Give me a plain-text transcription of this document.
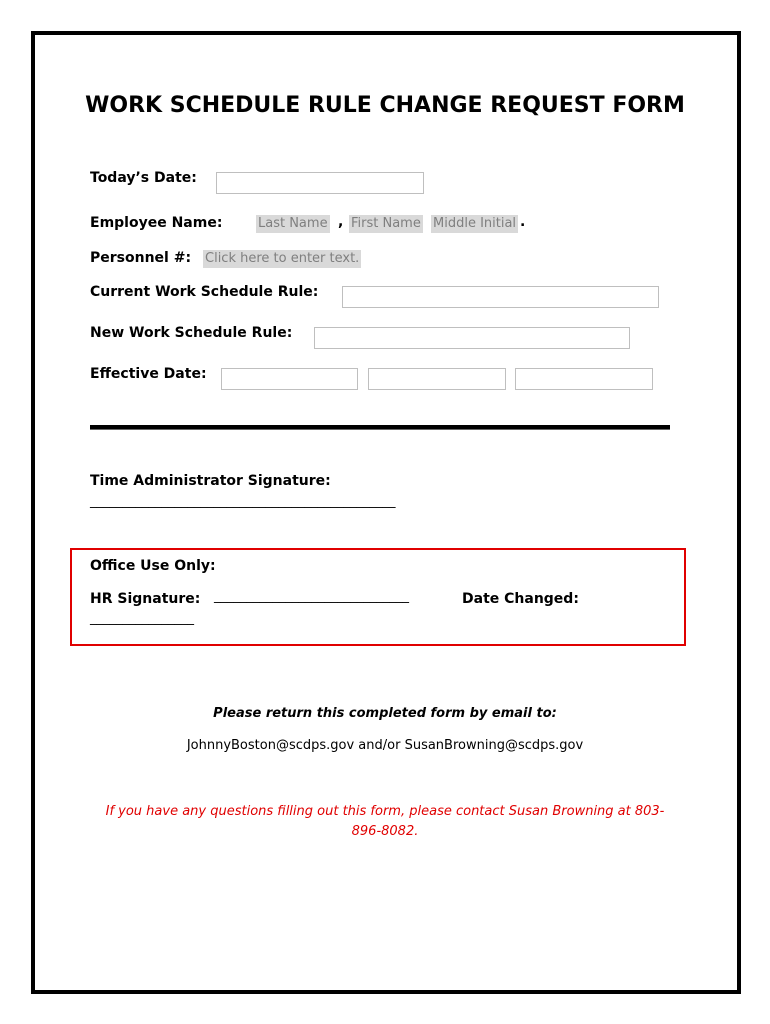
WORK SCHEDULE RULE CHANGE REQUEST FORM
Today’s Date:
Employee Name:	Last Name , First Name Middle Initial .
Personnel #: Click here to enter text.
Current Work Schedule Rule:
New Work Schedule Rule:
Effective Date:
Time Administrator Signature:
_______________________________________________
Office Use Only:
HR Signature: ______________________________	Date Changed:
________________
Please return this completed form by email to:
JohnnyBoston@scdps.gov and/or SusanBrowning@scdps.gov
If you have any questions filling out this form, please contact Susan Browning at 803-896-8082.
